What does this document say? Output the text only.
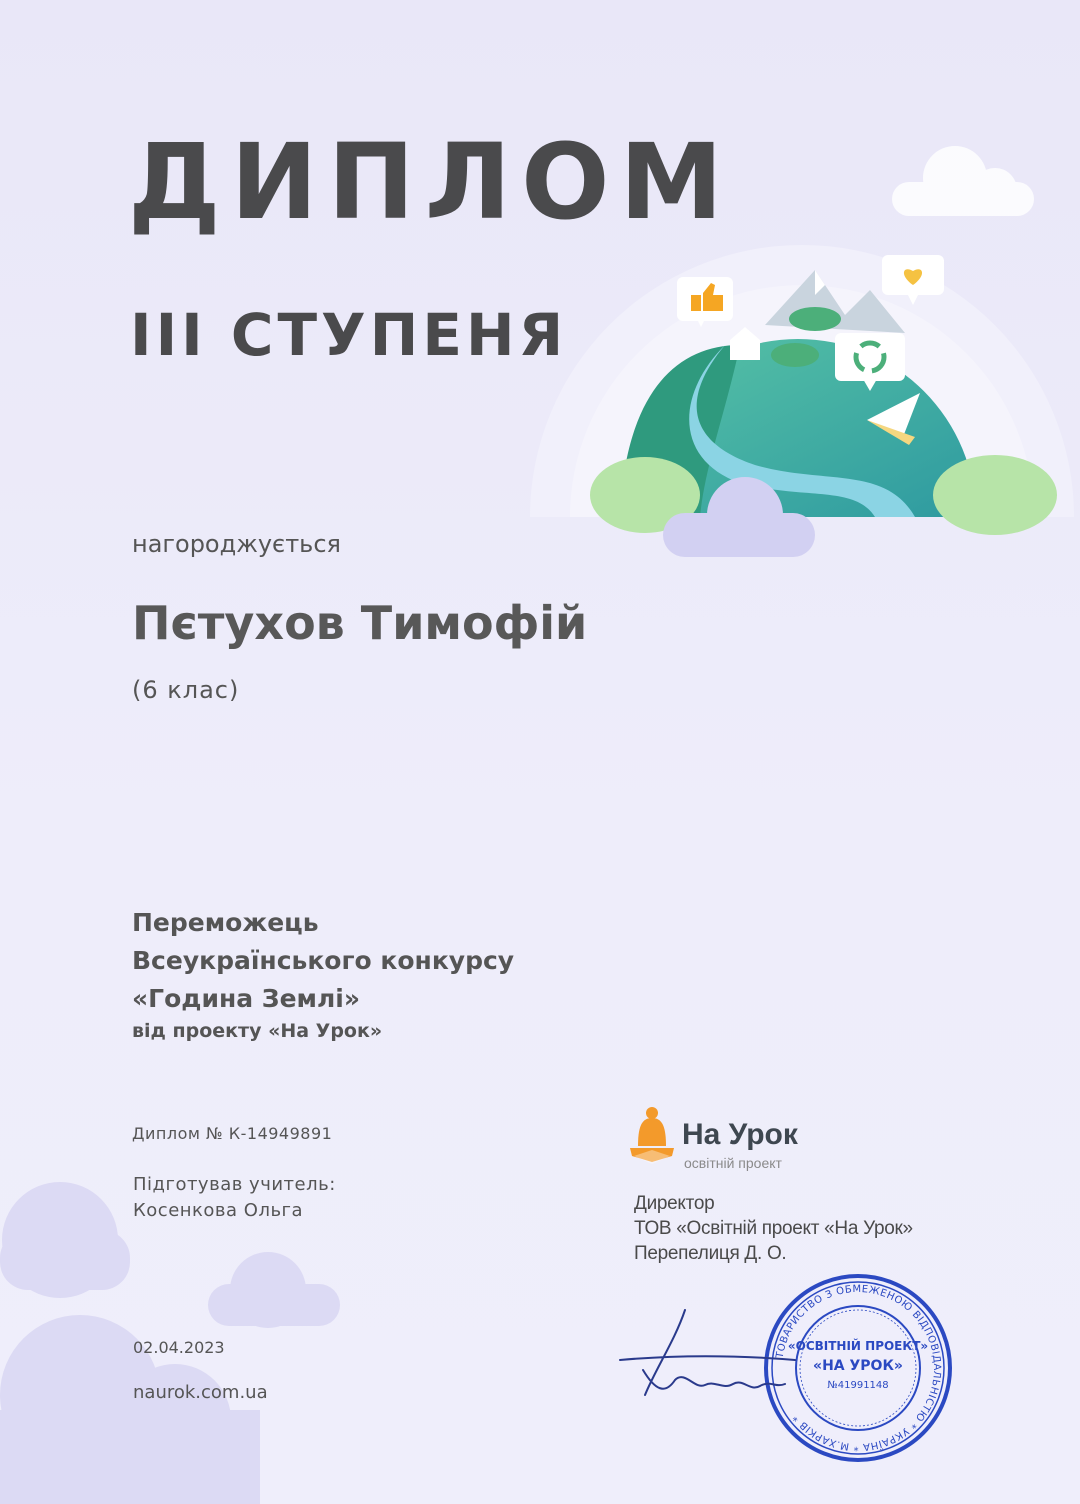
ДИПЛОМ
III СТУПЕНЯ
нагороджується
Пєтухов Тимофій
(6 клас)
Переможець
Всеукраїнського конкурсу
«Година Землі»
від проекту «На Урок»
Диплом № К-14949891
Підготував учитель:
Косенкова Ольга
02.04.2023
naurok.com.ua
На Урок
освітній проект
Директор
ТОВ «Освітній проект «На Урок»
Перепелиця Д. О.
ТОВАРИСТВО З ОБМЕЖЕНОЮ ВІДПОВІДАЛЬНІСТЮ * УКРАЇНА * М.ХАРКІВ *
«ОСВІТНІЙ ПРОЕКТ»
«НА УРОК»
№41991148
